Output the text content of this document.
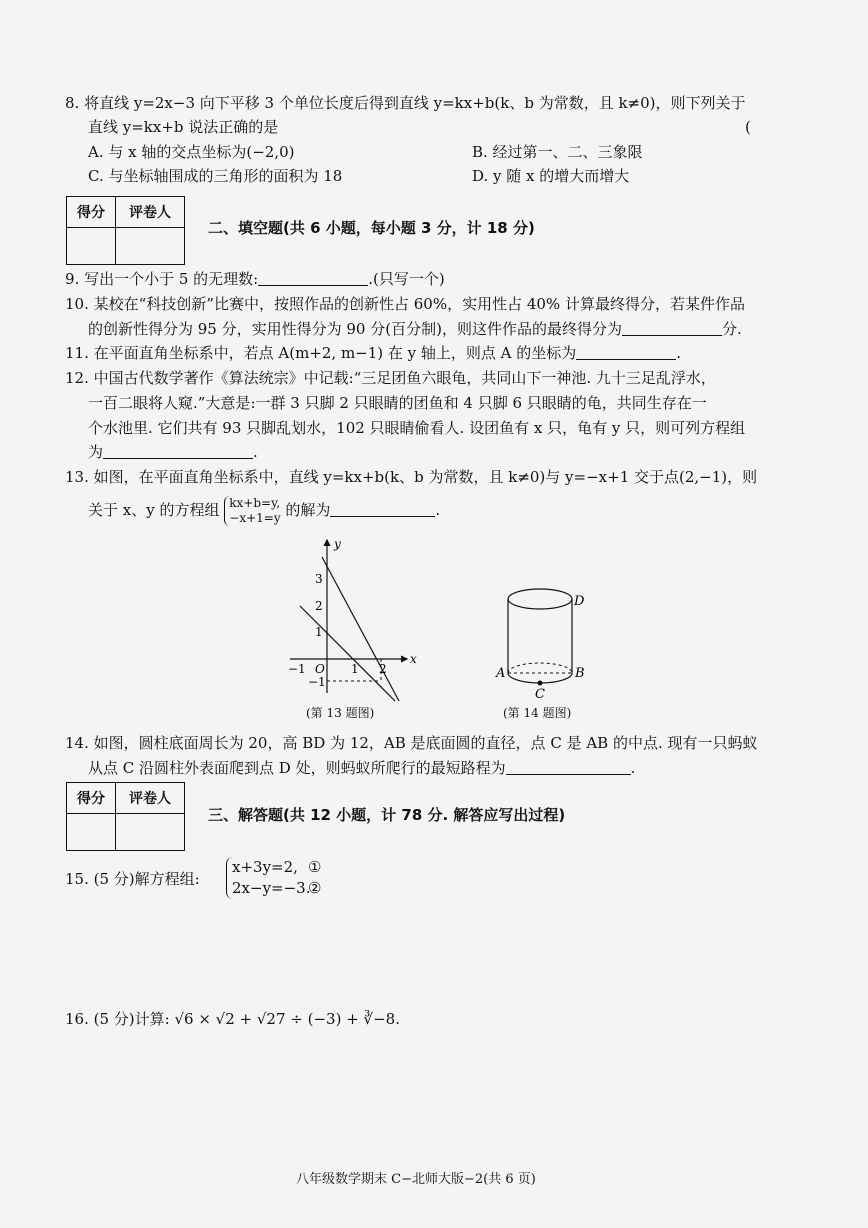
8. 将直线 y=2x−3 向下平移 3 个单位长度后得到直线 y=kx+b(k、b 为常数，且 k≠0)，则下列关于
直线 y=kx+b 说法正确的是	(
A. 与 x 轴的交点坐标为(−2,0)	B. 经过第一、二、三象限
C. 与坐标轴围成的三角形的面积为 18	D. y 随 x 的增大而增大
得分	评卷人

二、填空题(共 6 小题，每小题 3 分，计 18 分)
9. 写出一个小于 5 的无理数:	.(只写一个)
10. 某校在“科技创新”比赛中，按照作品的创新性占 60%，实用性占 40% 计算最终得分，若某件作品
的创新性得分为 95 分，实用性得分为 90 分(百分制)，则这件作品的最终得分为	分.
11. 在平面直角坐标系中，若点 A(m+2, m−1) 在 y 轴上，则点 A 的坐标为	.
12. 中国古代数学著作《算法统宗》中记载:“三足团鱼六眼龟，共同山下一神池. 九十三足乱浮水，
一百二眼将人窥.”大意是:一群 3 只脚 2 只眼睛的团鱼和 4 只脚 6 只眼睛的龟，共同生存在一
个水池里. 它们共有 93 只脚乱划水，102 只眼睛偷看人. 设团鱼有 x 只，龟有 y 只，则可列方程组
为	.
13. 如图，在平面直角坐标系中，直线 y=kx+b(k、b 为常数，且 k≠0)与 y=−x+1 交于点(2,−1)，则
关于 x、y 的方程组 kx+b=y,
−x+1=y 的解为	.
x
y
O
−1	1 2
3
2
1
−1
(第 13 题图)
A	B
C
D
(第 14 题图)
14. 如图，圆柱底面周长为 20，高 BD 为 12，AB 是底面圆的直径，点 C 是 AB 的中点. 现有一只蚂蚁
从点 C 沿圆柱外表面爬到点 D 处，则蚂蚁所爬行的最短路程为	.
得分	评卷人

三、解答题(共 12 小题，计 78 分. 解答应写出过程)
15. (5 分)解方程组:
x+3y=2, ①
2x−y=−3.②
16. (5 分)计算: √6 × √2 + √27 ÷ (−3) + ∛−8.
八年级数学期末 C−北师大版−2(共 6 页)
